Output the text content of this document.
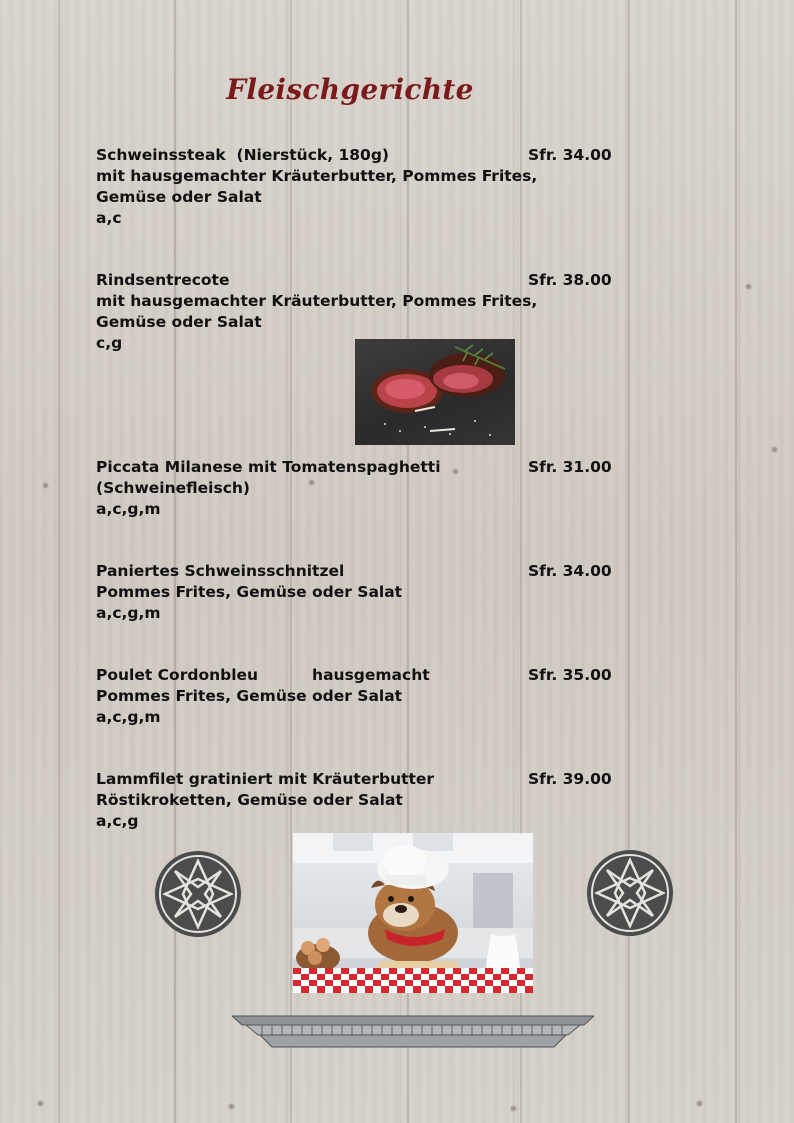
Fleischgerichte
Schweinssteak  (Nierstück, 180g)
mit hausgemachter Kräuterbutter, Pommes Frites,
Gemüse oder Salat
a,c
Sfr. 34.00
Rindsentrecote
mit hausgemachter Kräuterbutter, Pommes Frites,
Gemüse oder Salat
c,g
Sfr. 38.00
Piccata Milanese mit Tomatenspaghetti
(Schweinefleisch)
a,c,g,m
Sfr. 31.00
Paniertes Schweinsschnitzel
Pommes Frites, Gemüse oder Salat
a,c,g,m
Sfr. 34.00
Poulet Cordonbleu          hausgemacht
Pommes Frites, Gemüse oder Salat
a,c,g,m
Sfr. 35.00
Lammfilet gratiniert mit Kräuterbutter
Röstikroketten, Gemüse oder Salat
a,c,g
Sfr. 39.00
